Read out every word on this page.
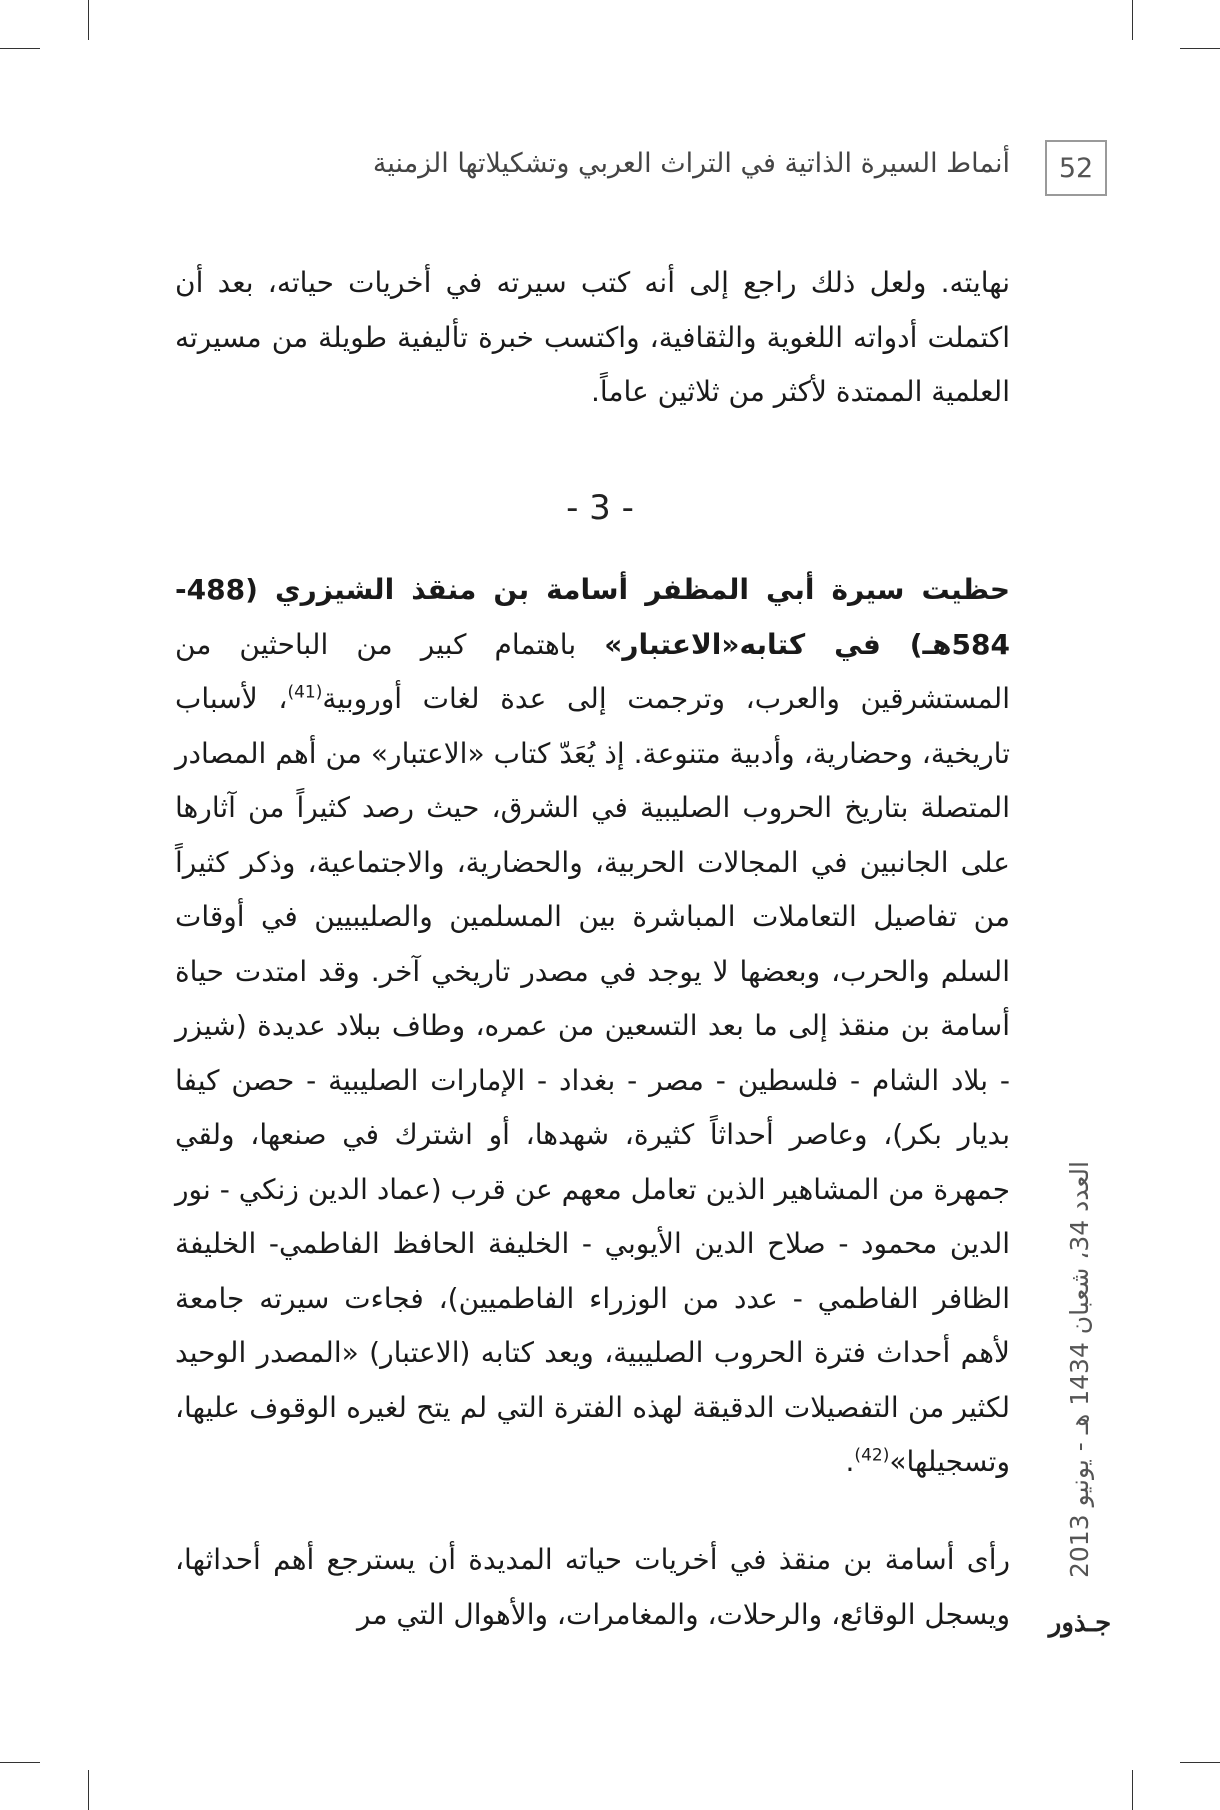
أنماط السيرة الذاتية في التراث العربي وتشكيلاتها الزمنية 52

نهايته. ولعل ذلك راجع إلى أنه كتب سيرته في أخريات حياته، بعد أن اكتملت أدواته اللغوية والثقافية، واكتسب خبرة تأليفية طويلة من مسيرته العلمية الممتدة لأكثر من ثلاثين عاماً.

- 3 -

حظيت سيرة أبي المظفر أسامة بن منقذ الشيزري (488-584هـ) في كتابه«الاعتبار» باهتمام كبير من الباحثين من المستشرقين والعرب، وترجمت إلى عدة لغات أوروبية$^{(41)}$، لأسباب تاريخية، وحضارية، وأدبية متنوعة. إذ يُعَدّ كتاب «الاعتبار» من أهم المصادر المتصلة بتاريخ الحروب الصليبية في الشرق، حيث رصد كثيراً من آثارها على الجانبين في المجالات الحربية، والحضارية، والاجتماعية، وذكر كثيراً من تفاصيل التعاملات المباشرة بين المسلمين والصليبيين في أوقات السلم والحرب، وبعضها لا يوجد في مصدر تاريخي آخر. وقد امتدت حياة أسامة بن منقذ إلى ما بعد التسعين من عمره، وطاف ببلاد عديدة (شيزر - بلاد الشام - فلسطين - مصر - بغداد - الإمارات الصليبية - حصن كيفا بديار بكر)، وعاصر أحداثاً كثيرة، شهدها، أو اشترك في صنعها، ولقي جمهرة من المشاهير الذين تعامل معهم عن قرب (عماد الدين زنكي - نور الدين محمود - صلاح الدين الأيوبي - الخليفة الحافظ الفاطمي- الخليفة الظافر الفاطمي - عدد من الوزراء الفاطميين)، فجاءت سيرته جامعة لأهم أحداث فترة الحروب الصليبية، ويعد كتابه (الاعتبار) «المصدر الوحيد لكثير من التفصيلات الدقيقة لهذه الفترة التي لم يتح لغيره الوقوف عليها، وتسجيلها»$^{(42)}$.

رأى أسامة بن منقذ في أخريات حياته المديدة أن يسترجع أهم أحداثها، ويسجل الوقائع، والرحلات، والمغامرات، والأهوال التي مر

العدد 34، شعبان 1434 هـ - يونيو 2013
جـذور
